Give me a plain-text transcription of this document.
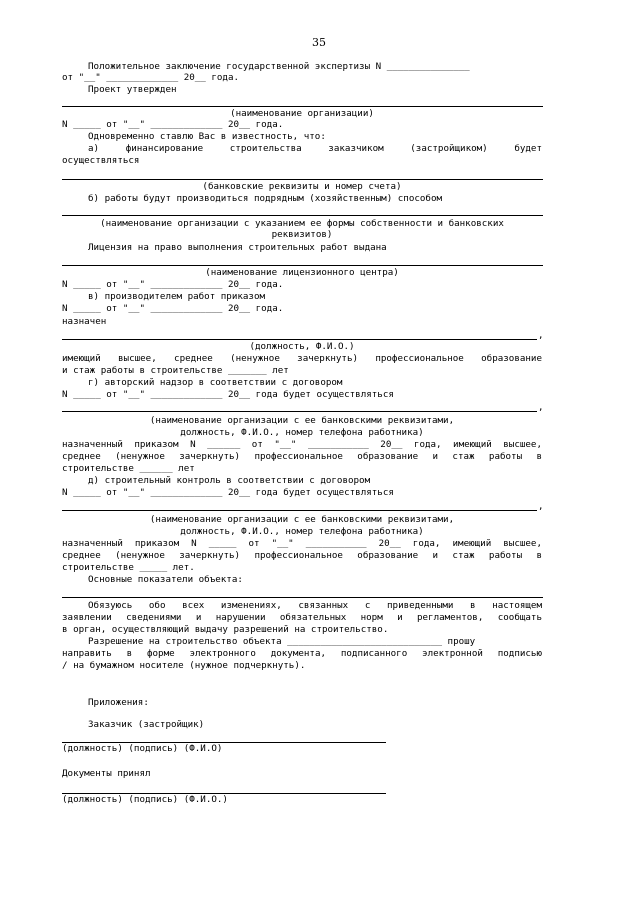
35
Положительное заключение государственной экспертизы N _______________
от "__" _____________ 20__ года.
Проект утвержден
(наименование организации)
N _____ от "__" _____________ 20__ года.
Одновременно ставлю Вас в известность, что:
а) финансирование строительства заказчиком (застройщиком) будет
осуществляться
(банковские реквизиты и номер счета)
б) работы будут производиться подрядным (хозяйственным) способом
(наименование организации с указанием ее формы собственности и банковских
реквизитов)
Лицензия на право выполнения строительных работ выдана
(наименование лицензионного центра)
N _____ от "__" _____________ 20__ года.
в) производителем работ приказом
N _____ от "__" _____________ 20__ года.
назначен
,
(должность, Ф.И.О.)
имеющий высшее, среднее (ненужное зачеркнуть) профессиональное образование
и стаж работы в строительстве _______ лет
г) авторский надзор в соответствии с договором
N _____ от "__" _____________ 20__ года будет осуществляться
,
(наименование организации с ее банковскими реквизитами,
должность, Ф.И.О., номер телефона работника)
назначенный приказом N ______ от "__" ___________ 20__ года, имеющий высшее,
среднее (ненужное зачеркнуть) профессиональное образование и стаж работы в
строительстве ______ лет
д) строительный контроль в соответствии с договором
N _____ от "__" _____________ 20__ года будет осуществляться
,
(наименование организации с ее банковскими реквизитами,
должность, Ф.И.О., номер телефона работника)
назначенный приказом N _____ от "__" ___________ 20__ года, имеющий высшее,
среднее (ненужное зачеркнуть) профессиональное образование и стаж работы в
строительстве _____ лет.
Основные показатели объекта:
Обязуюсь обо всех изменениях, связанных с приведенными в настоящем
заявлении сведениями и нарушении обязательных норм и регламентов, сообщать
в орган, осуществляющий выдачу разрешений на строительство.
Разрешение на строительство объекта ____________________________ прошу
направить в форме электронного документа, подписанного электронной подписью
/ на бумажном носителе (нужное подчеркнуть).
Приложения:
Заказчик (застройщик)
(должность) (подпись) (Ф.И.О)
Документы принял
(должность) (подпись) (Ф.И.О.)
